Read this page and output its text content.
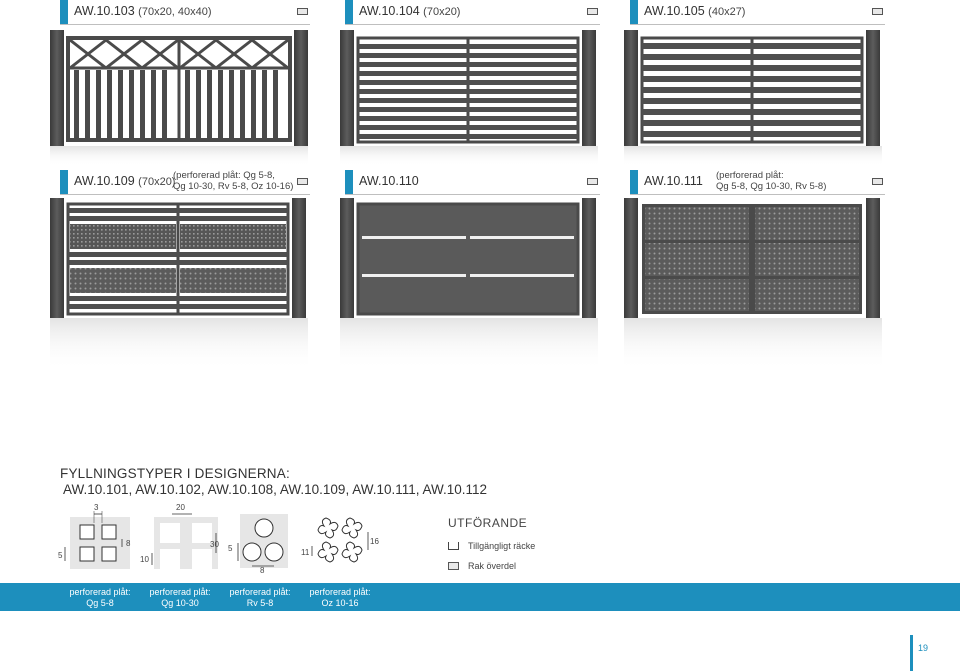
AW.10.103 (70x20, 40x40)	AW.10.104 (70x20)	AW.10.105 (40x27)
AW.10.109 (70x20)
(perforerad plåt: Qg 5-8,
Qg 10-30, Rv 5-8, Oz 10-16)	AW.10.110	AW.10.111 (perforerad plåt:
Qg 5-8, Qg 10-30, Rv 5-8)
FYLLNINGSTYPER I DESIGNERNA:
AW.10.101, AW.10.102, AW.10.108, AW.10.109, AW.10.111, AW.10.112
3
8
5
20
30
10
5
8
11
16
UTFÖRANDE
Tillgängligt räcke
Rak överdel
perforerad plåt:
Qg 5-8
perforerad plåt:
Qg 10-30
perforerad plåt:
Rv 5-8
perforerad plåt:
Oz 10-16
19
